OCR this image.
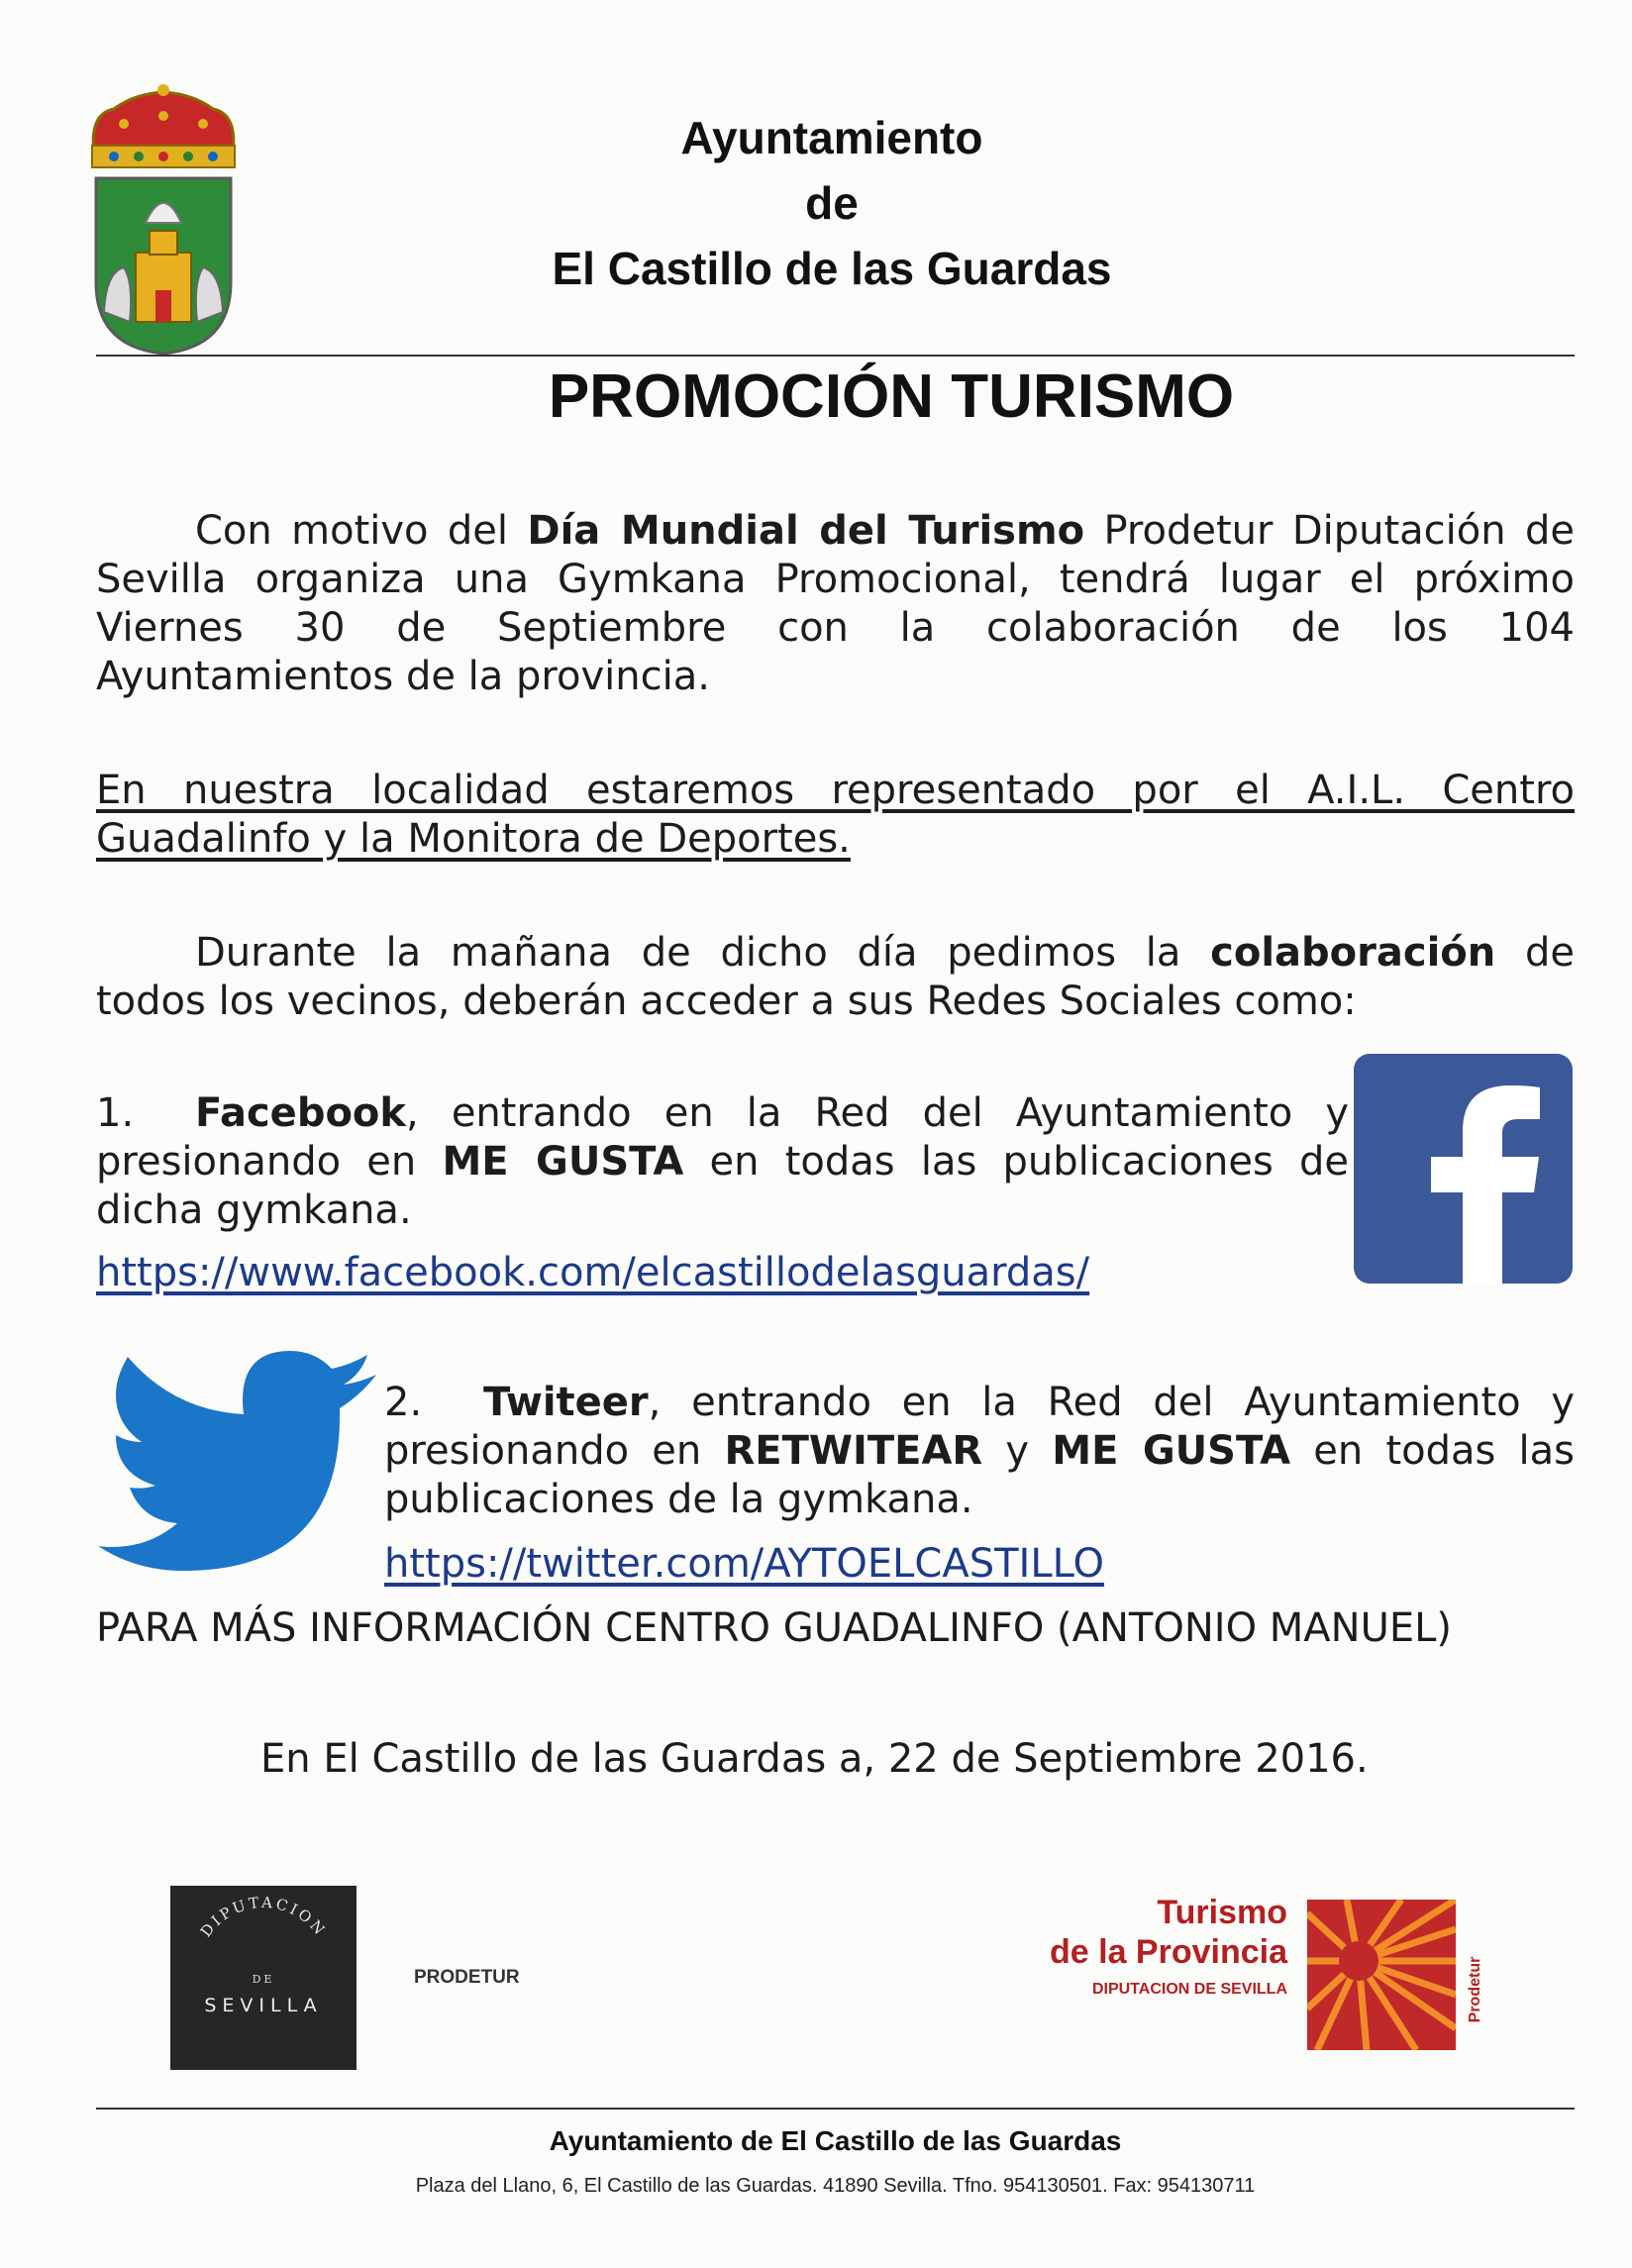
Ayuntamiento
de
El Castillo de las Guardas
PROMOCIÓN TURISMO
Con motivo del Día Mundial del Turismo Prodetur Diputación de
Sevilla organiza una Gymkana Promocional, tendrá lugar el próximo
Viernes 30 de Septiembre con la colaboración de los 104
Ayuntamientos de la provincia.
En nuestra localidad estaremos representado por el A.I.L. Centro
Guadalinfo y la Monitora de Deportes.
Durante la mañana de dicho día pedimos la colaboración de
todos los vecinos, deberán acceder a sus Redes Sociales como:
1. Facebook, entrando en la Red del Ayuntamiento y
presionando en ME GUSTA en todas las publicaciones de
dicha gymkana.
https://www.facebook.com/elcastillodelasguardas/
2. Twiteer, entrando en la Red del Ayuntamiento y
presionando en RETWITEAR y ME GUSTA en todas las
publicaciones de la gymkana.
https://twitter.com/AYTOELCASTILLO
PARA MÁS INFORMACIÓN CENTRO GUADALINFO (ANTONIO MANUEL)
En El Castillo de las Guardas a, 22 de Septiembre 2016.
DIPUTACION
DE
SEVILLA
PRODETUR
Turismo
de la Provincia
DIPUTACION DE SEVILLA	Prodetur
Ayuntamiento de El Castillo de las Guardas
Plaza del Llano, 6, El Castillo de las Guardas. 41890 Sevilla. Tfno. 954130501. Fax: 954130711
